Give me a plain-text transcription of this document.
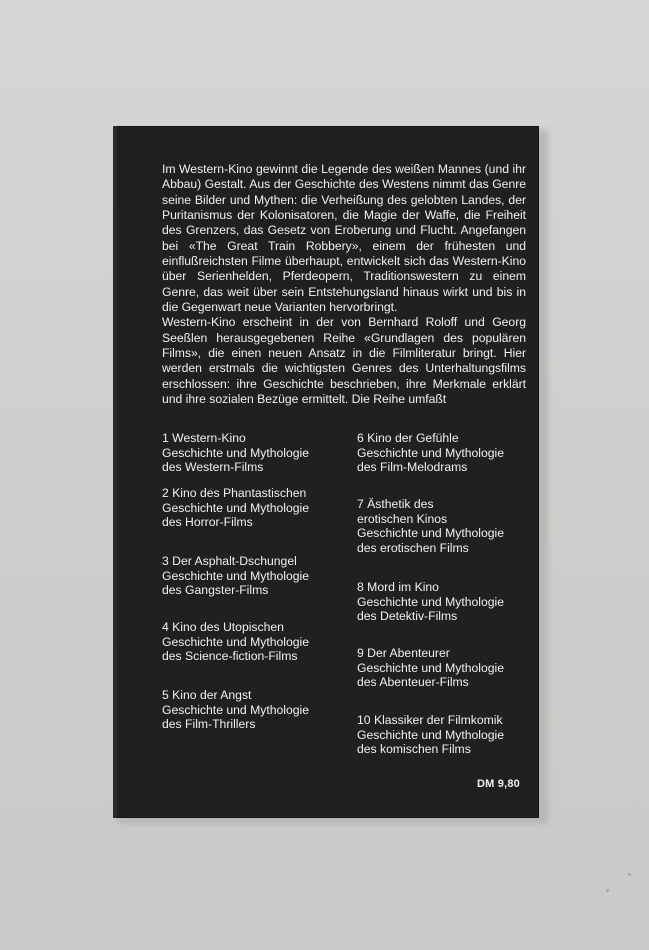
Im Western-Kino gewinnt die Legende des weißen Mannes (und ihr Abbau) Gestalt. Aus der Geschichte des Westens nimmt das Genre seine Bilder und Mythen: die Verheißung des gelobten Landes, der Puritanismus der Kolonisatoren, die Magie der Waffe, die Freiheit des Grenzers, das Gesetz von Eroberung und Flucht. Angefangen bei «The Great Train Robbery», einem der frühesten und einflußreichsten Filme überhaupt, entwickelt sich das Western-Kino über Serienhelden, Pferdeopern, Traditionswestern zu einem Genre, das weit über sein Entstehungsland hinaus wirkt und bis in die Gegenwart neue Varianten hervorbringt.

Western-Kino erscheint in der von Bernhard Roloff und Georg Seeßlen herausgegebenen Reihe «Grundlagen des populären Films», die einen neuen Ansatz in die Filmliteratur bringt. Hier werden erstmals die wichtigsten Genres des Unterhaltungsfilms erschlossen: ihre Geschichte beschrieben, ihre Merkmale erklärt und ihre sozialen Bezüge ermittelt. Die Reihe umfaßt

1 Western-Kino
Geschichte und Mythologie
des Western-Films
2 Kino des Phantastischen
Geschichte und Mythologie
des Horror-Films
3 Der Asphalt-Dschungel
Geschichte und Mythologie
des Gangster-Films
4 Kino des Utopischen
Geschichte und Mythologie
des Science-fiction-Films
5 Kino der Angst
Geschichte und Mythologie
des Film-Thrillers
6 Kino der Gefühle
Geschichte und Mythologie
des Film-Melodrams
7 Ästhetik des
erotischen Kinos
Geschichte und Mythologie
des erotischen Films
8 Mord im Kino
Geschichte und Mythologie
des Detektiv-Films
9 Der Abenteurer
Geschichte und Mythologie
des Abenteuer-Films
10 Klassiker der Filmkomik
Geschichte und Mythologie
des komischen Films
DM 9,80
